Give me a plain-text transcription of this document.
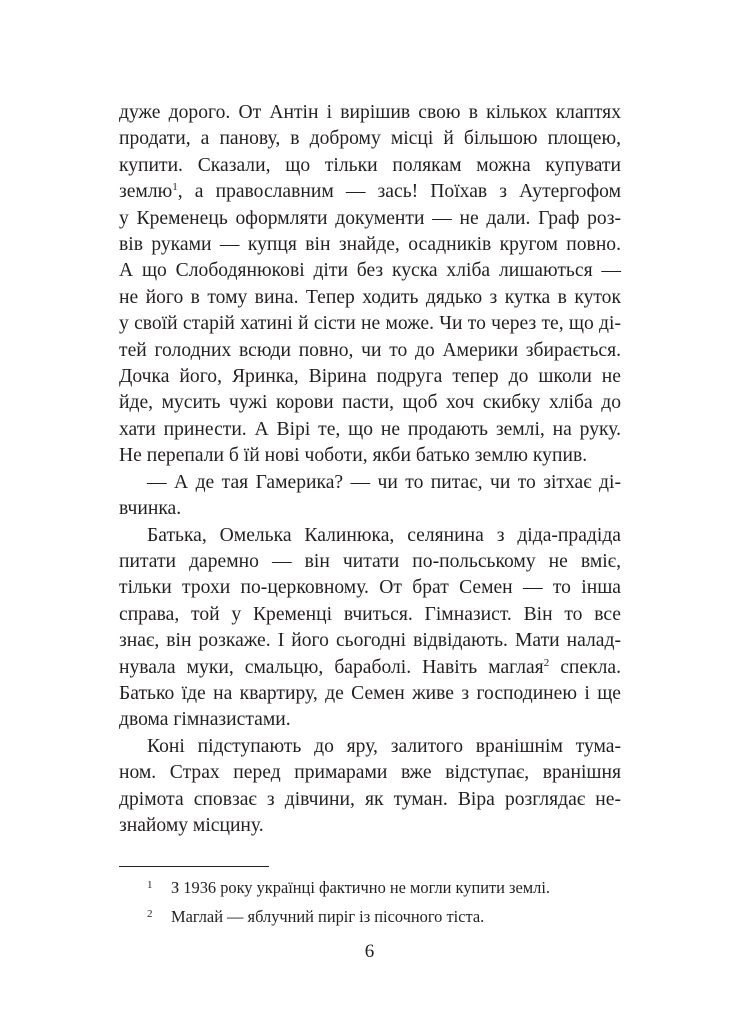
дуже дорого. От Антін і вирішив свою в кількох клаптях
продати, а панову, в доброму місці й більшою площею,
купити. Сказали, що тільки полякам можна купувати
землю$^1$, а православним — зась! Поїхав з Аутергофом
у Кременець оформляти документи — не дали. Граф роз-
вів руками — купця він знайде, осадників кругом повно.
А що Слободянюкові діти без куска хліба лишаються —
не його в тому вина. Тепер ходить дядько з кутка в куток
у своїй старій хатині й сісти не може. Чи то через те, що ді-
тей голодних всюди повно, чи то до Америки збирається.
Дочка його, Яринка, Вірина подруга тепер до школи не
йде, мусить чужі корови пасти, щоб хоч скибку хліба до
хати принести. А Вірі те, що не продають землі, на руку.
Не перепали б їй нові чоботи, якби батько землю купив.
— А де тая Гамерика? — чи то питає, чи то зітхає ді-
вчинка.
Батька, Омелька Калинюка, селянина з діда-прадіда
питати даремно — він читати по-польському не вміє,
тільки трохи по-церковному. От брат Семен — то інша
справа, той у Кременці вчиться. Гімназист. Він то все
знає, він розкаже. І його сьогодні відвідають. Мати налад-
нувала муки, смальцю, бараболі. Навіть маглая$^2$ спекла.
Батько їде на квартиру, де Семен живе з господинею і ще
двома гімназистами.
Коні підступають до яру, залитого вранішнім тума-
ном. Страх перед примарами вже відступає, вранішня
дрімота сповзає з дівчини, як туман. Віра розглядає не-
знайому місцину.
1 З 1936 року українці фактично не могли купити землі.
2 Маглай — яблучний пиріг із пісочного тіста.
6
